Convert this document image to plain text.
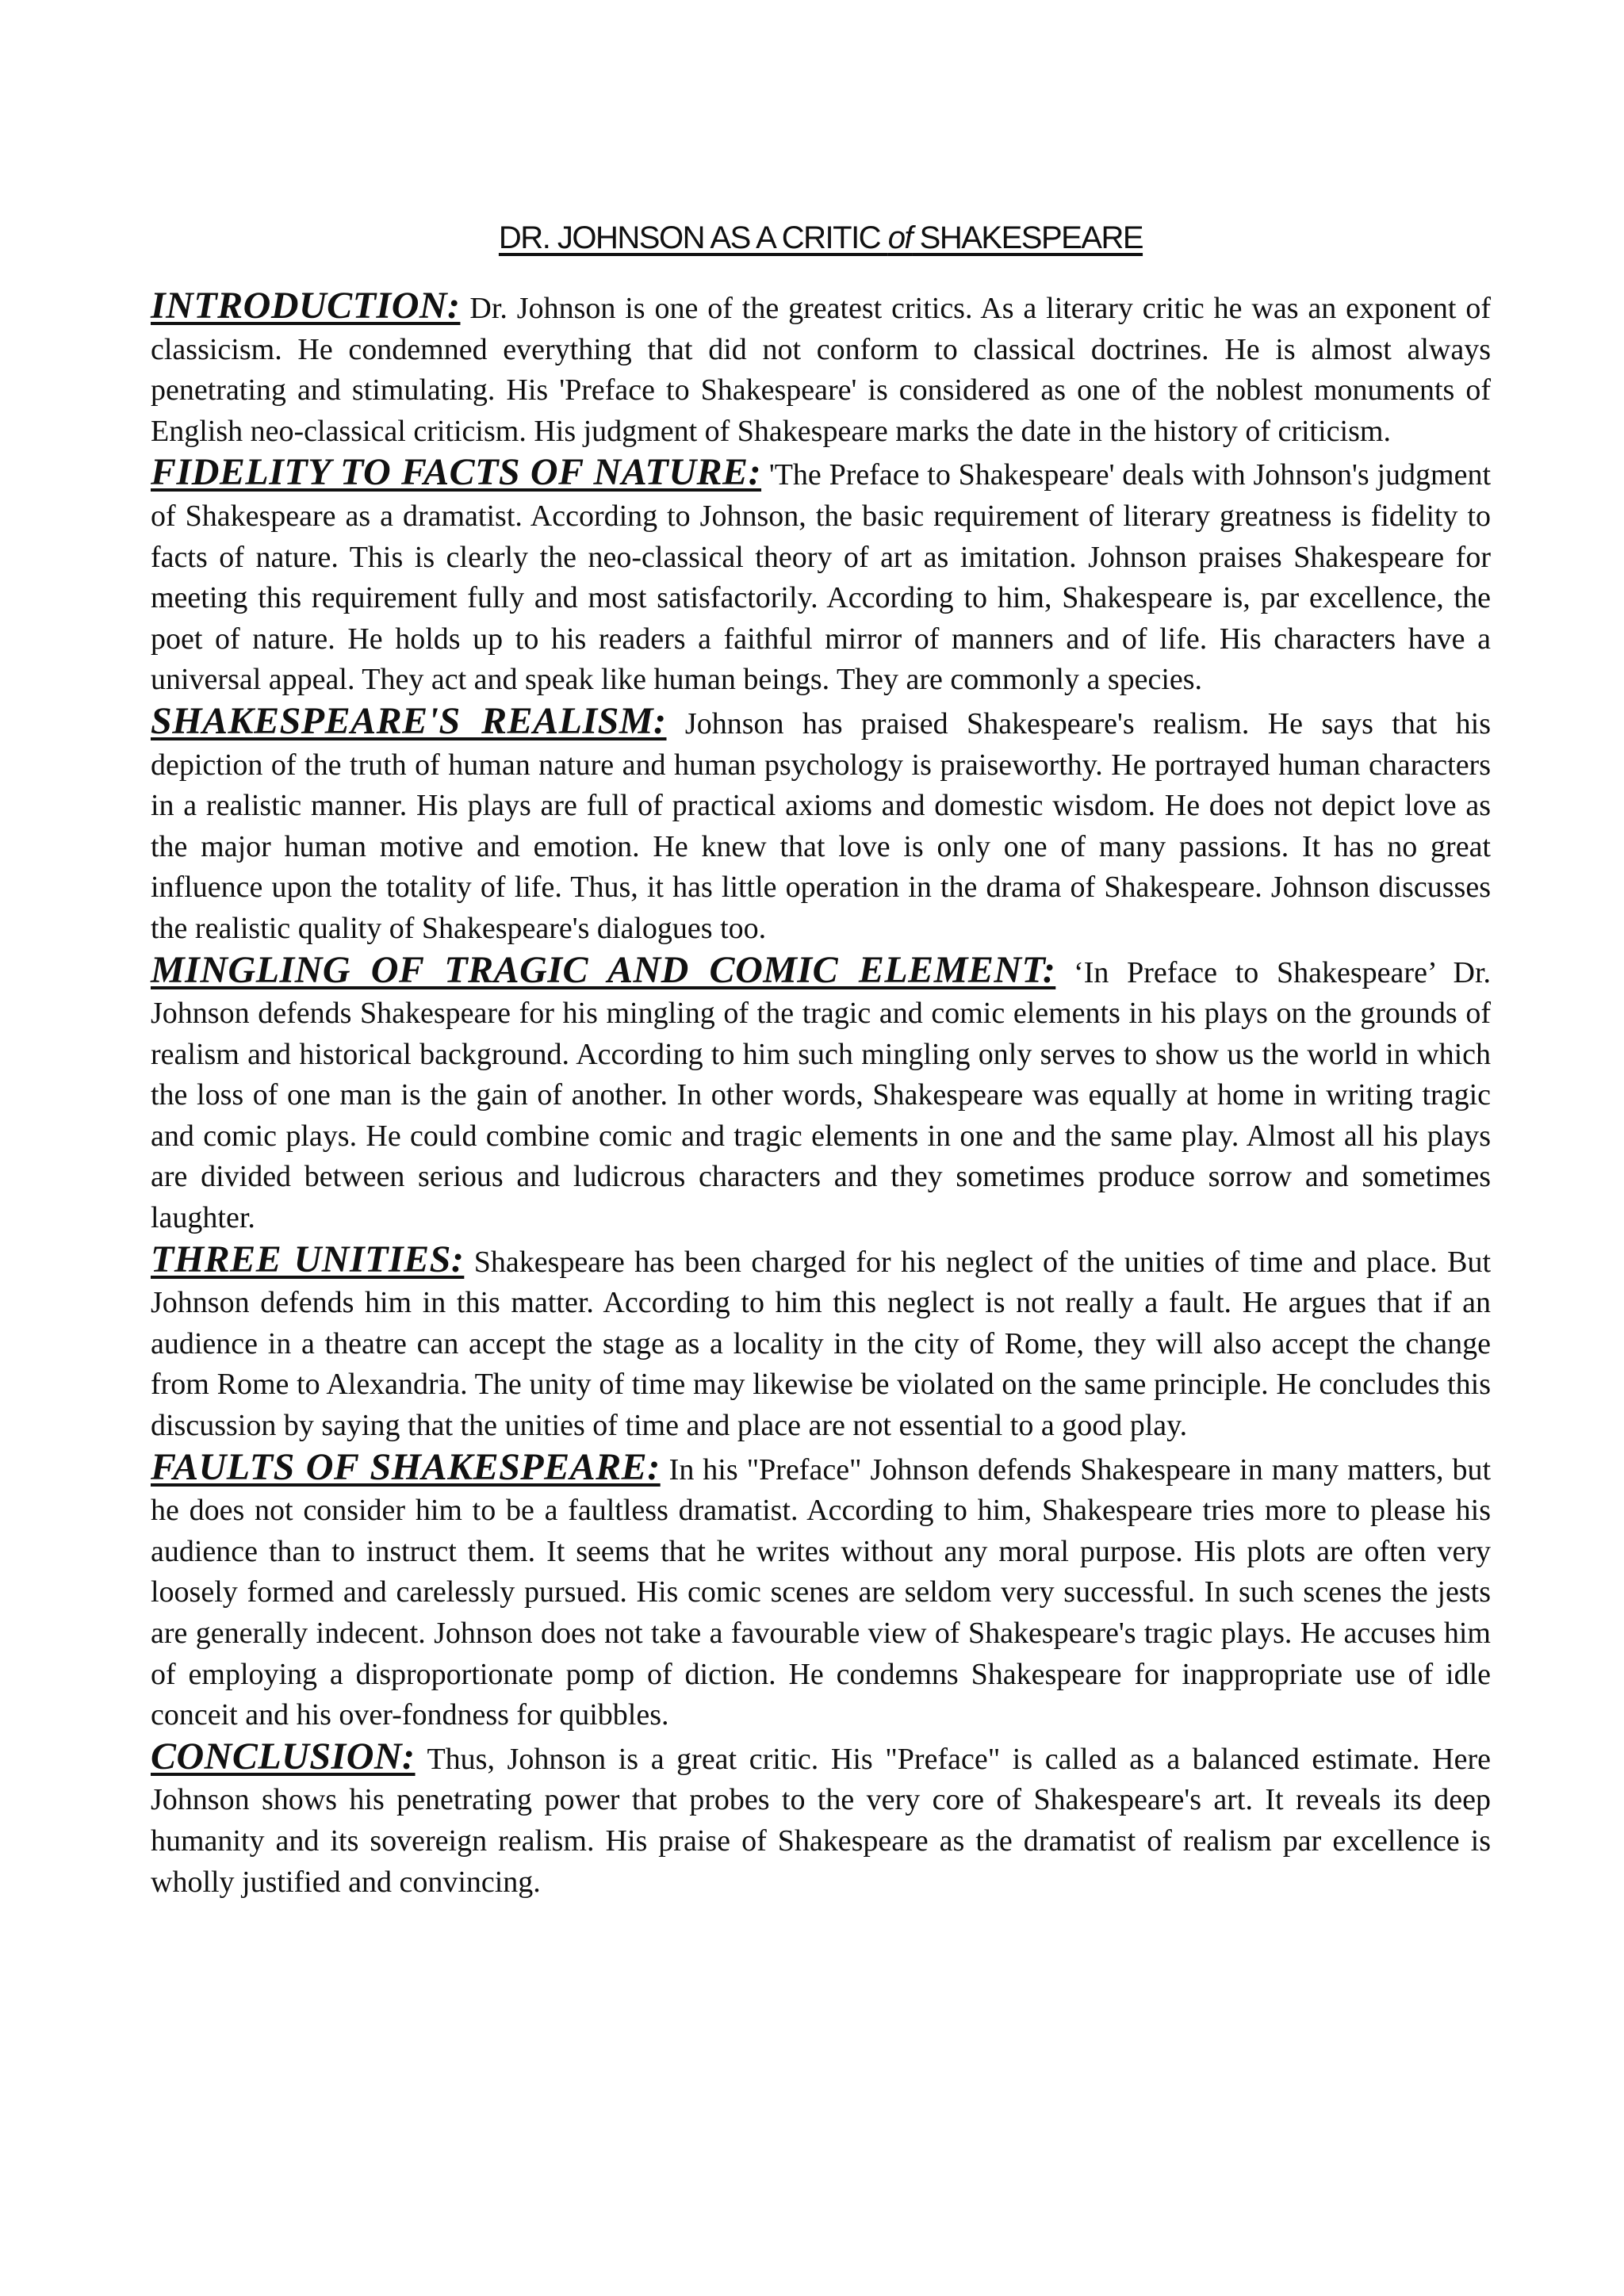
DR. JOHNSON AS A CRITIC of SHAKESPEARE

INTRODUCTION: Dr. Johnson is one of the greatest critics. As a literary critic he was an exponent of classicism. He condemned everything that did not conform to classical doctrines. He is almost always penetrating and stimulating. His 'Preface to Shakespeare' is considered as one of the noblest monuments of English neo-classical criticism. His judgment of Shakespeare marks the date in the history of criticism.

FIDELITY TO FACTS OF NATURE: 'The Preface to Shakespeare' deals with Johnson's judgment of Shakespeare as a dramatist. According to Johnson, the basic requirement of literary greatness is fidelity to facts of nature. This is clearly the neo-classical theory of art as imitation. Johnson praises Shakespeare for meeting this requirement fully and most satisfactorily. According to him, Shakespeare is, par excellence, the poet of nature. He holds up to his readers a faithful mirror of manners and of life. His characters have a universal appeal. They act and speak like human beings. They are commonly a species.

SHAKESPEARE'S REALISM: Johnson has praised Shakespeare's realism. He says that his depiction of the truth of human nature and human psychology is praiseworthy. He portrayed human characters in a realistic manner. His plays are full of practical axioms and domestic wisdom. He does not depict love as the major human motive and emotion. He knew that love is only one of many passions. It has no great influence upon the totality of life. Thus, it has little operation in the drama of Shakespeare. Johnson discusses the realistic quality of Shakespeare's dialogues too.

MINGLING OF TRAGIC AND COMIC ELEMENT: ‘In Preface to Shakespeare’ Dr. Johnson defends Shakespeare for his mingling of the tragic and comic elements in his plays on the grounds of realism and historical background. According to him such mingling only serves to show us the world in which the loss of one man is the gain of another. In other words, Shakespeare was equally at home in writing tragic and comic plays. He could combine comic and tragic elements in one and the same play. Almost all his plays are divided between serious and ludicrous characters and they sometimes produce sorrow and sometimes laughter.

THREE UNITIES: Shakespeare has been charged for his neglect of the unities of time and place. But Johnson defends him in this matter. According to him this neglect is not really a fault. He argues that if an audience in a theatre can accept the stage as a locality in the city of Rome, they will also accept the change from Rome to Alexandria. The unity of time may likewise be violated on the same principle. He concludes this discussion by saying that the unities of time and place are not essential to a good play.

FAULTS OF SHAKESPEARE: In his "Preface" Johnson defends Shakespeare in many matters, but he does not consider him to be a faultless dramatist. According to him, Shakespeare tries more to please his audience than to instruct them. It seems that he writes without any moral purpose. His plots are often very loosely formed and carelessly pursued. His comic scenes are seldom very successful. In such scenes the jests are generally indecent. Johnson does not take a favourable view of Shakespeare's tragic plays. He accuses him of employing a disproportionate pomp of diction. He condemns Shakespeare for inappropriate use of idle conceit and his over-fondness for quibbles.

CONCLUSION: Thus, Johnson is a great critic. His "Preface" is called as a balanced estimate. Here Johnson shows his penetrating power that probes to the very core of Shakespeare's art. It reveals its deep humanity and its sovereign realism. His praise of Shakespeare as the dramatist of realism par excellence is wholly justified and convincing.
